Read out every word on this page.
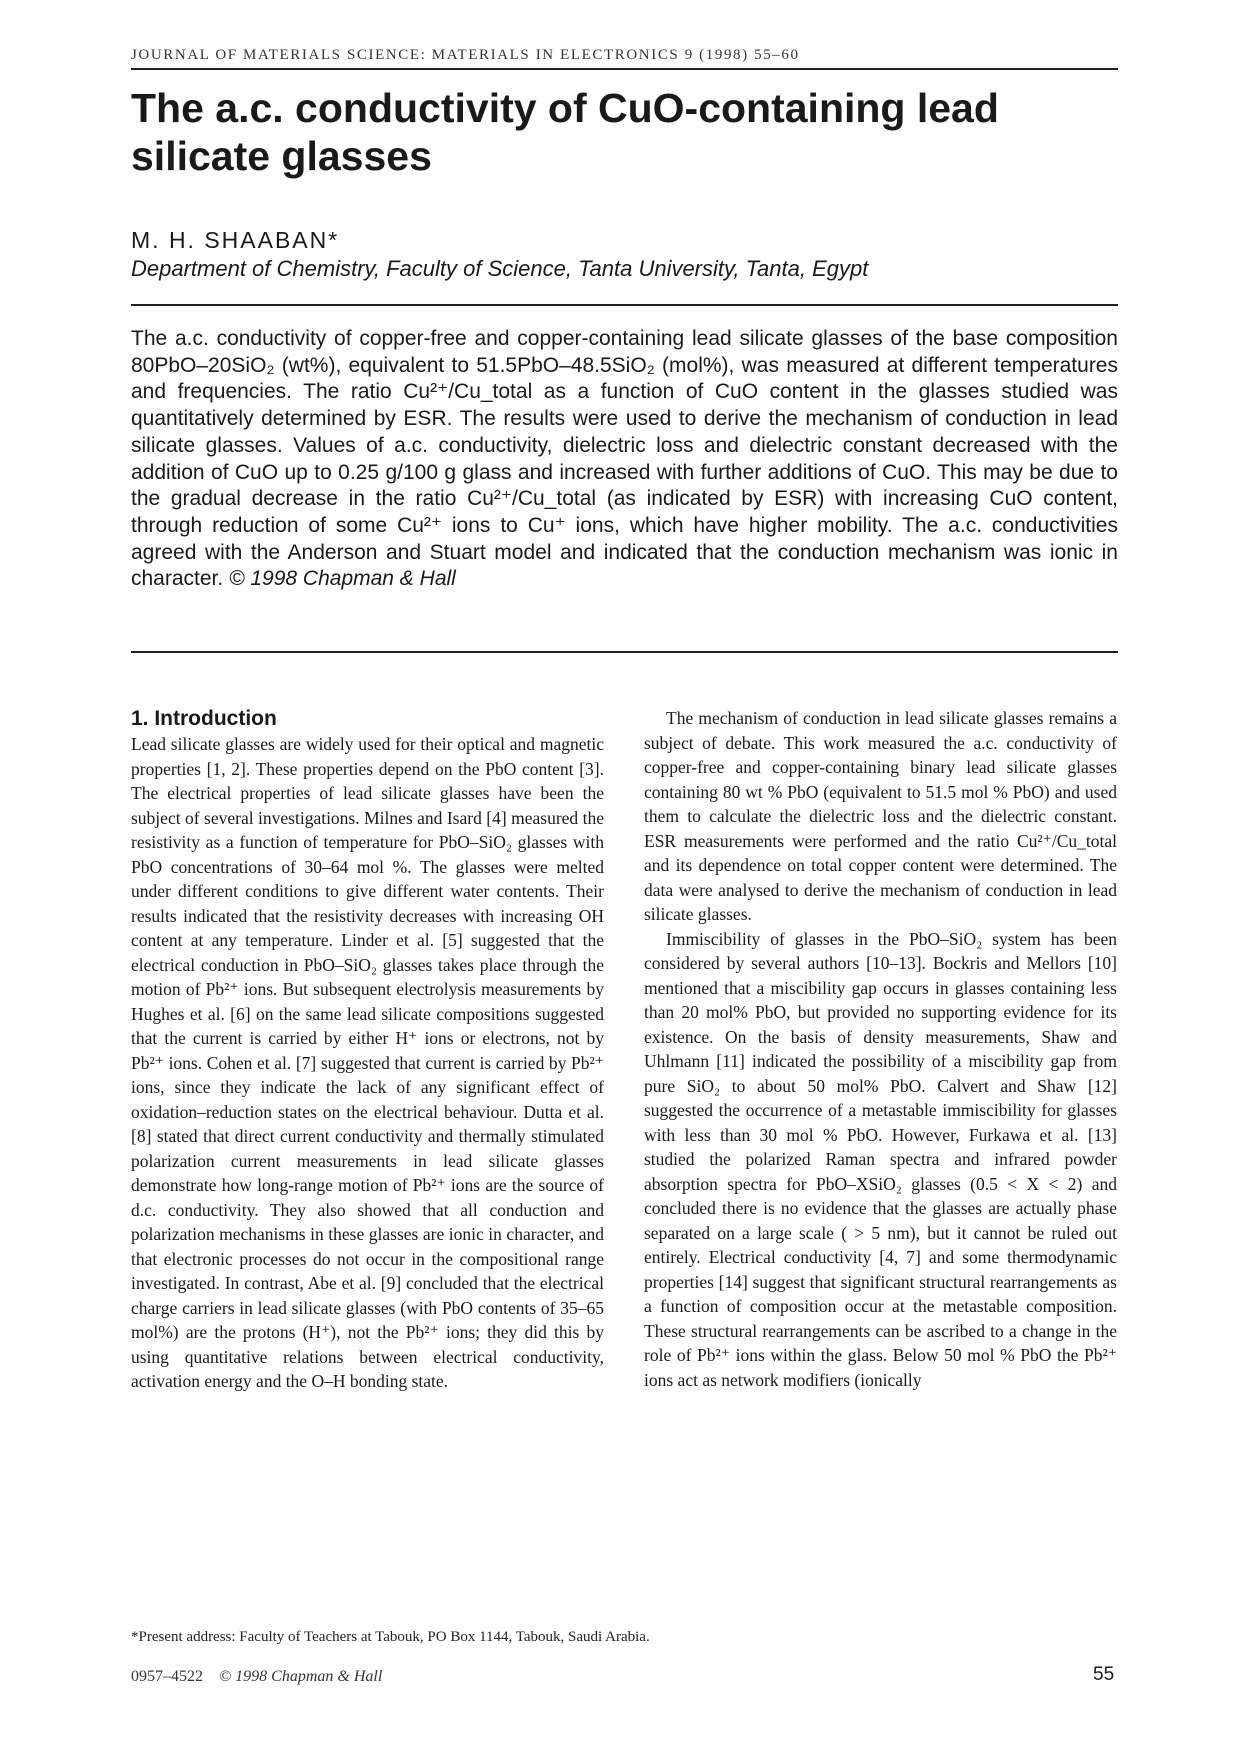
JOURNAL OF MATERIALS SCIENCE: MATERIALS IN ELECTRONICS 9 (1998) 55–60
The a.c. conductivity of CuO-containing lead silicate glasses
M. H. SHAABAN*
Department of Chemistry, Faculty of Science, Tanta University, Tanta, Egypt

The a.c. conductivity of copper-free and copper-containing lead silicate glasses of the base composition 80PbO–20SiO₂ (wt%), equivalent to 51.5PbO–48.5SiO₂ (mol%), was measured at different temperatures and frequencies. The ratio Cu²⁺/Cu_total as a function of CuO content in the glasses studied was quantitatively determined by ESR. The results were used to derive the mechanism of conduction in lead silicate glasses. Values of a.c. conductivity, dielectric loss and dielectric constant decreased with the addition of CuO up to 0.25 g/100 g glass and increased with further additions of CuO. This may be due to the gradual decrease in the ratio Cu²⁺/Cu_total (as indicated by ESR) with increasing CuO content, through reduction of some Cu²⁺ ions to Cu⁺ ions, which have higher mobility. The a.c. conductivities agreed with the Anderson and Stuart model and indicated that the conduction mechanism was ionic in character. © 1998 Chapman & Hall

1. Introduction

Lead silicate glasses are widely used for their optical and magnetic properties [1, 2]. These properties depend on the PbO content [3]. The electrical properties of lead silicate glasses have been the subject of several investigations. Milnes and Isard [4] measured the resistivity as a function of temperature for PbO–SiO₂ glasses with PbO concentrations of 30–64 mol %. The glasses were melted under different conditions to give different water contents. Their results indicated that the resistivity decreases with increasing OH content at any temperature. Linder et al. [5] suggested that the electrical conduction in PbO–SiO₂ glasses takes place through the motion of Pb²⁺ ions. But subsequent electrolysis measurements by Hughes et al. [6] on the same lead silicate compositions suggested that the current is carried by either H⁺ ions or electrons, not by Pb²⁺ ions. Cohen et al. [7] suggested that current is carried by Pb²⁺ ions, since they indicate the lack of any significant effect of oxidation–reduction states on the electrical behaviour. Dutta et al. [8] stated that direct current conductivity and thermally stimulated polarization current measurements in lead silicate glasses demonstrate how long-range motion of Pb²⁺ ions are the source of d.c. conductivity. They also showed that all conduction and polarization mechanisms in these glasses are ionic in character, and that electronic processes do not occur in the compositional range investigated. In contrast, Abe et al. [9] concluded that the electrical charge carriers in lead silicate glasses (with PbO contents of 35–65 mol%) are the protons (H⁺), not the Pb²⁺ ions; they did this by using quantitative relations between electrical conductivity, activation energy and the O–H bonding state.

The mechanism of conduction in lead silicate glasses remains a subject of debate. This work measured the a.c. conductivity of copper-free and copper-containing binary lead silicate glasses containing 80 wt % PbO (equivalent to 51.5 mol % PbO) and used them to calculate the dielectric loss and the dielectric constant. ESR measurements were performed and the ratio Cu²⁺/Cu_total and its dependence on total copper content were determined. The data were analysed to derive the mechanism of conduction in lead silicate glasses.

Immiscibility of glasses in the PbO–SiO₂ system has been considered by several authors [10–13]. Bockris and Mellors [10] mentioned that a miscibility gap occurs in glasses containing less than 20 mol% PbO, but provided no supporting evidence for its existence. On the basis of density measurements, Shaw and Uhlmann [11] indicated the possibility of a miscibility gap from pure SiO₂ to about 50 mol% PbO. Calvert and Shaw [12] suggested the occurrence of a metastable immiscibility for glasses with less than 30 mol % PbO. However, Furkawa et al. [13] studied the polarized Raman spectra and infrared powder absorption spectra for PbO–XSiO₂ glasses (0.5 < X < 2) and concluded there is no evidence that the glasses are actually phase separated on a large scale ( > 5 nm), but it cannot be ruled out entirely. Electrical conductivity [4, 7] and some thermodynamic properties [14] suggest that significant structural rearrangements as a function of composition occur at the metastable composition. These structural rearrangements can be ascribed to a change in the role of Pb²⁺ ions within the glass. Below 50 mol % PbO the Pb²⁺ ions act as network modifiers (ionically

*Present address: Faculty of Teachers at Tabouk, PO Box 1144, Tabouk, Saudi Arabia.
0957–4522 © 1998 Chapman & Hall	55
